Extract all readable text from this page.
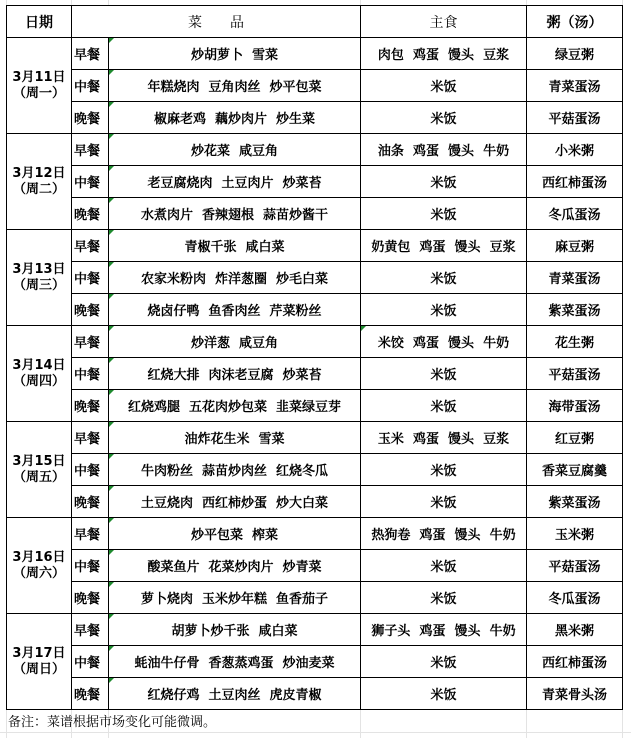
日期	菜　　品		主食	粥（汤）

3月11日
（周一）	早餐	炒胡萝卜  雪菜	肉包  鸡蛋  馒头  豆浆	绿豆粥
	中餐	年糕烧肉  豆角肉丝  炒平包菜	米饭	青菜蛋汤
	晚餐	椒麻老鸡  藕炒肉片  炒生菜	米饭	平菇蛋汤

3月12日
（周二）	早餐	炒花菜  咸豆角	油条  鸡蛋  馒头  牛奶	小米粥
	中餐	老豆腐烧肉  土豆肉片  炒菜苔	米饭	西红柿蛋汤
	晚餐	水煮肉片  香辣翅根  蒜苗炒酱干	米饭	冬瓜蛋汤

3月13日
（周三）	早餐	青椒千张  咸白菜	奶黄包  鸡蛋  馒头  豆浆	麻豆粥
	中餐	农家米粉肉  炸洋葱圈  炒毛白菜	米饭	青菜蛋汤
	晚餐	烧卤仔鸭  鱼香肉丝  芹菜粉丝	米饭	紫菜蛋汤

3月14日
（周四）	早餐	炒洋葱  咸豆角	米饺  鸡蛋  馒头  牛奶	花生粥
	中餐	红烧大排  肉沫老豆腐  炒菜苔	米饭	平菇蛋汤
	晚餐	红烧鸡腿  五花肉炒包菜  韭菜绿豆芽	米饭	海带蛋汤

3月15日
（周五）	早餐	油炸花生米  雪菜	玉米  鸡蛋  馒头  豆浆	红豆粥
	中餐	牛肉粉丝  蒜苗炒肉丝  红烧冬瓜	米饭	香菜豆腐羹
	晚餐	土豆烧肉  西红柿炒蛋  炒大白菜	米饭	紫菜蛋汤

3月16日
（周六）	早餐	炒平包菜  榨菜	热狗卷  鸡蛋  馒头  牛奶	玉米粥
	中餐	酸菜鱼片  花菜炒肉片  炒青菜	米饭	平菇蛋汤
	晚餐	萝卜烧肉  玉米炒年糕  鱼香茄子	米饭	冬瓜蛋汤

3月17日
（周日）	早餐	胡萝卜炒千张  咸白菜	狮子头  鸡蛋  馒头  牛奶	黑米粥
	中餐	蚝油牛仔骨  香葱蒸鸡蛋  炒油麦菜	米饭	西红柿蛋汤
	晚餐	红烧仔鸡  土豆肉丝  虎皮青椒	米饭	青菜骨头汤
备注：菜谱根据市场变化可能微调。
